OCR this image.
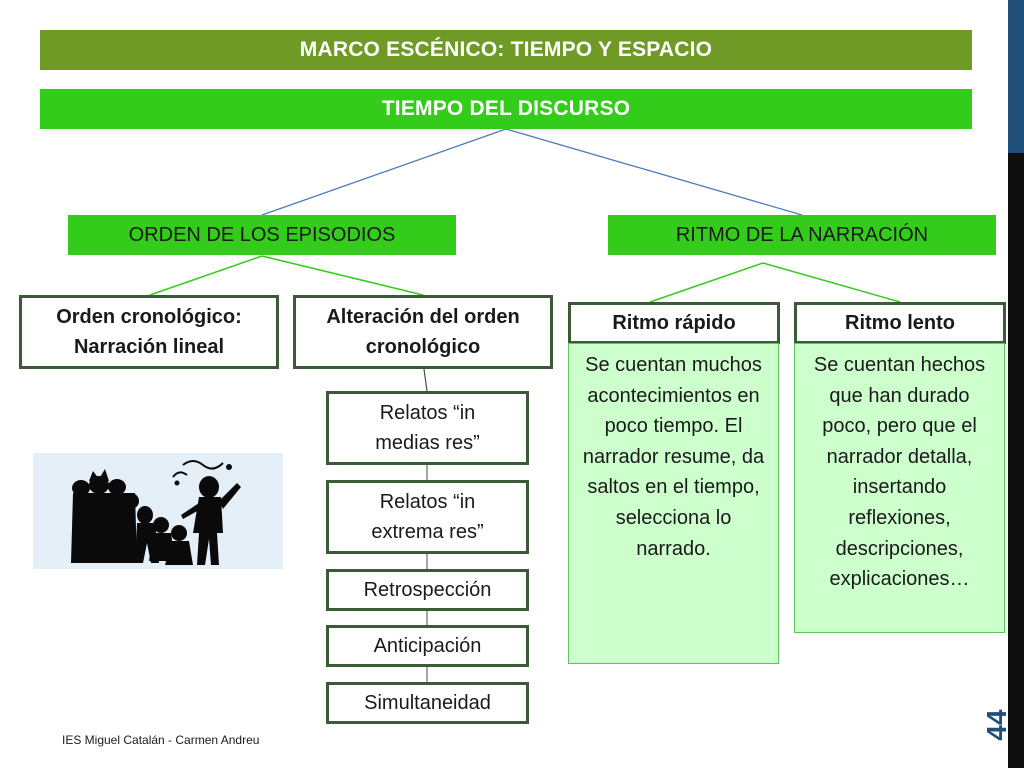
MARCO ESCÉNICO: TIEMPO Y ESPACIO
TIEMPO DEL DISCURSO
ORDEN DE LOS EPISODIOS	RITMO DE LA NARRACIÓN
Orden cronológico: Narración lineal
Alteración del orden cronológico
Relatos “in medias res”
Relatos “in extrema res”
Retrospección
Anticipación
Simultaneidad
Ritmo rápido
Se cuentan muchos acontecimientos en poco tiempo. El narrador resume, da saltos en el tiempo, selecciona lo narrado.
Ritmo lento
Se cuentan hechos que han durado poco, pero que el narrador detalla, insertando reflexiones, descripciones, explicaciones…
44
IES Miguel Catalán - Carmen Andreu
